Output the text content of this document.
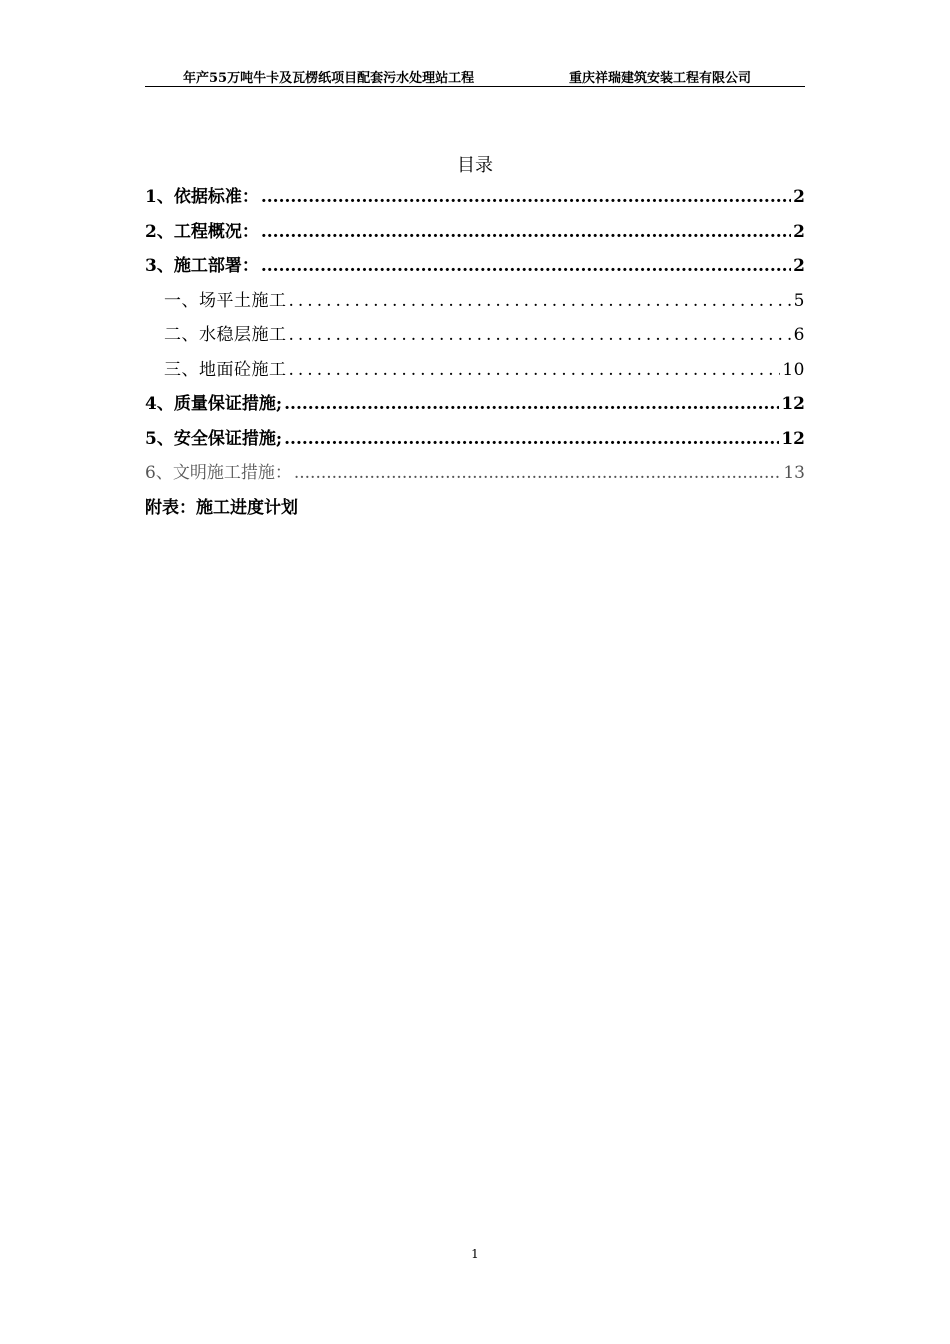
年产55万吨牛卡及瓦楞纸项目配套污水处理站工程	重庆祥瑞建筑安装工程有限公司
目录
1、依据标准： .....	2
2、工程概况： .....	2
3、施工部署： .....	2
一、场平土施工 .....	5
二、水稳层施工 .....	6
三、地面砼施工 .....	10
4、质量保证措施; .....	12
5、安全保证措施; .....	12
6、文明施工措施： .....	13
附表：施工进度计划
1
